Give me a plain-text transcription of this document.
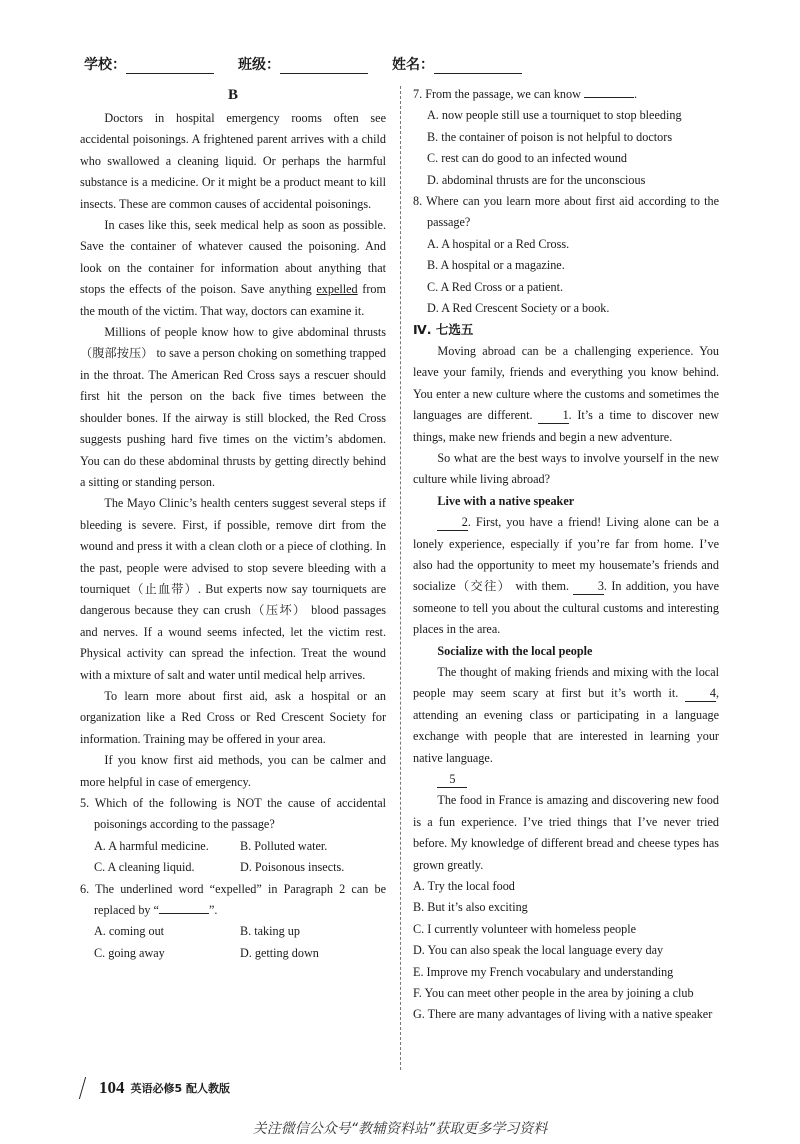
学校：	班级：	姓名：
B

Doctors in hospital emergency rooms often see accidental poisonings. A frightened parent arrives with a child who swallowed a cleaning liquid. Or perhaps the harmful substance is a medicine. Or it might be a product meant to kill insects. These are common causes of accidental poisonings.

In cases like this, seek medical help as soon as possible. Save the container of whatever caused the poisoning. And look on the container for information about anything that stops the effects of the poison. Save anything expelled from the mouth of the victim. That way, doctors can examine it.

Millions of people know how to give abdominal thrusts（腹部按压） to save a person choking on something trapped in the throat. The American Red Cross says a rescuer should first hit the person on the back five times between the shoulder bones. If the airway is still blocked, the Red Cross suggests pushing hard five times on the victim’s abdomen. You can do these abdominal thrusts by getting directly behind a sitting or standing person.

The Mayo Clinic’s health centers suggest several steps if bleeding is severe. First, if possible, remove dirt from the wound and press it with a clean cloth or a piece of clothing. In the past, people were advised to stop severe bleeding with a tourniquet（止血带）. But experts now say tourniquets are dangerous because they can crush（压坏） blood passages and nerves. If a wound seems infected, let the victim rest. Physical activity can spread the infection. Treat the wound with a mixture of salt and water until medical help arrives.

To learn more about first aid, ask a hospital or an organization like a Red Cross or Red Crescent Society for information. Training may be offered in your area.

If you know first aid methods, you can be calmer and more helpful in case of emergency.

5. Which of the following is NOT the cause of accidental poisonings according to the passage?

A. A harmful medicine.	B. Polluted water.
C. A cleaning liquid.	D. Poisonous insects.

6. The underlined word “expelled” in Paragraph 2 can be replaced by “	”.

A. coming out	B. taking up
C. going away	D. getting down

7. From the passage, we can know	.

A. now people still use a tourniquet to stop bleeding

B. the container of poison is not helpful to doctors

C. rest can do good to an infected wound

D. abdominal thrusts are for the unconscious

8. Where can you learn more about first aid according to the passage?

A. A hospital or a Red Cross.

B. A hospital or a magazine.

C. A Red Cross or a patient.

D. A Red Crescent Society or a book.

Ⅳ. 七选五

Moving abroad can be a challenging experience. You leave your family, friends and everything you know behind. You enter a new culture where the customs and sometimes the languages are different. 1. It’s a time to discover new things, make new friends and begin a new adventure.

So what are the best ways to involve yourself in the new culture while living abroad?

Live with a native speaker

2. First, you have a friend! Living alone can be a lonely experience, especially if you’re far from home. I’ve also had the opportunity to meet my housemate’s friends and socialize（交往） with them. 3. In addition, you have someone to tell you about the cultural customs and interesting places in the area.

Socialize with the local people

The thought of making friends and mixing with the local people may seem scary at first but it’s worth it. 4, attending an evening class or participating in a language exchange with people that are interested in learning your native language.

5

The food in France is amazing and discovering new food is a fun experience. I’ve tried things that I’ve never tried before. My knowledge of different bread and cheese types has grown greatly.

A. Try the local food

B. But it’s also exciting

C. I currently volunteer with homeless people

D. You can also speak the local language every day

E. Improve my French vocabulary and understanding

F. You can meet other people in the area by joining a club

G. There are many advantages of living with a native speaker

104 英语必修5 配人教版
关注微信公众号“教辅资料站”获取更多学习资料
